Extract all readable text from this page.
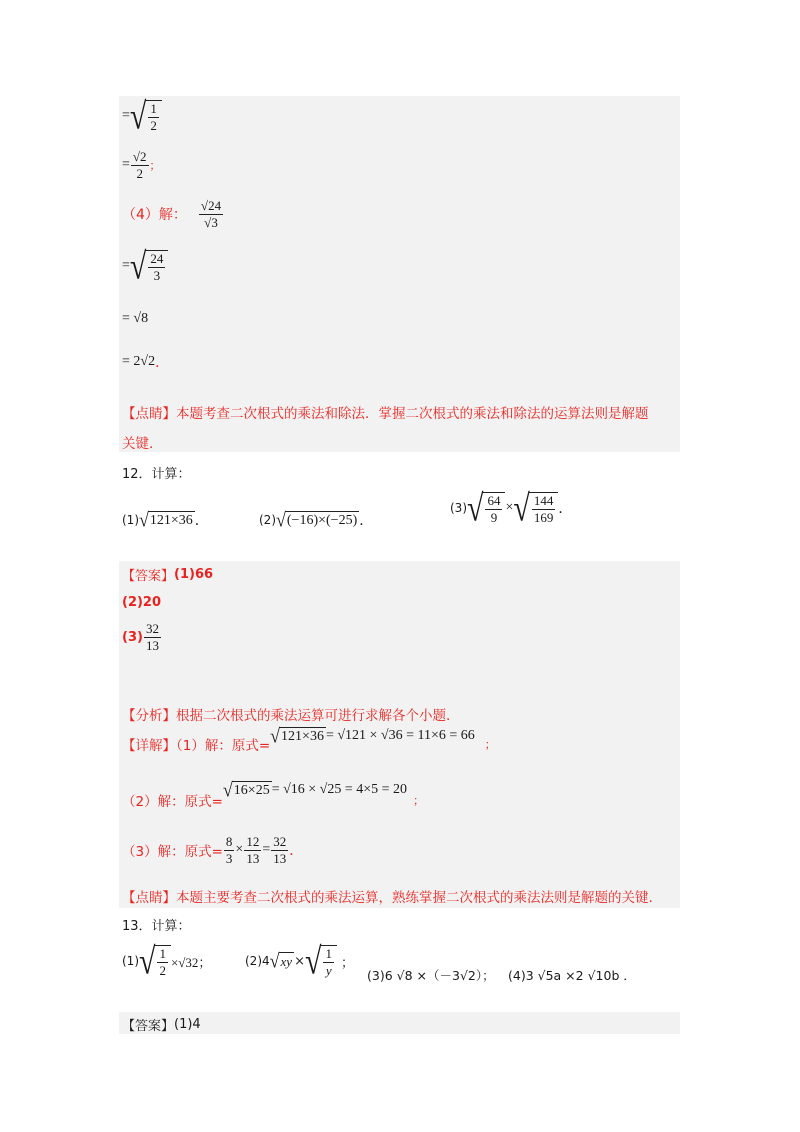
= √ $\frac{1}{2}$
= $\frac{√2}{2}$ ；
（4）解： $\frac{√24}{√3}$
= √ $\frac{24}{3}$
= √8
= 2√2 ．
【点睛】本题考查二次根式的乘法和除法．掌握二次根式的乘法和除法的运算法则是解题
关键.
12．计算：
(1) √ 121×36 ．	(2) √ (−16)×(−25) ．
(3) √ $\frac{64}{9}$ × √ $\frac{144}{169}$ ．
【答案】 (1)66
(2)20
$(3) \frac{32}{13}$
【分析】根据二次根式的乘法运算可进行求解各个小题.
【详解】（1）解：原式= √ 121×36 = √121 × √36 = 11×6 = 66
；
（2）解：原式=
√ 16×25 = √16 × √25 = 4×5 = 20
；
（3）解：原式= $\frac{8}{3} \times \frac{12}{13} = \frac{32}{13}$ ．
【点睛】本题主要考查二次根式的乘法运算，熟练掌握二次根式的乘法法则是解题的关键.
13．计算：
(1) √ $\frac{1}{2} \times√32$；	(2)4 √ xy × √ $\frac{1}{y}$ ；
(3)6 √8 ×（－3√2）； (4)3 √5a ×2 √10b ．
【答案】 (1)4
